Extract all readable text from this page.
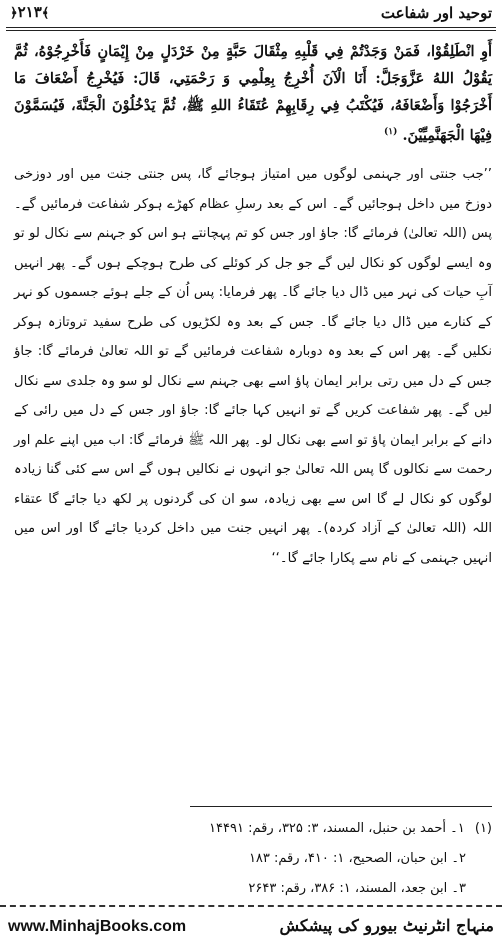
﴿۲۱۳﴾	توحيد اور شفاعت
أَوِ انْطَلِقُوْا، فَمَنْ وَجَدْتُمْ فِي قَلْبِهِ مِثْقَالَ حَبَّةٍ مِنْ خَرْدَلٍ مِنْ إِيْمَانٍ فَأَخْرِجُوْهُ، ثُمَّ يَقُوْلُ اللهُ عَزَّوَجَلَّ: أَنَا الْآنَ أُخْرِجُ بِعِلْمِي وَ رَحْمَتِي، قَالَ: فَيُخْرِجُ أَضْعَافَ مَا أَخْرَجُوْا وَأَضْعَافَهُ، فَيُكْتَبُ فِي رِقَابِهِمْ عُتَقَاءُ اللهِ ﷺ، ثُمَّ يَدْخُلُوْنَ الْجَنَّةَ، فَيُسَمَّوْنَ فِيْهَا الْجَهَنَّمِيِّيْنَ. $^{(۱)}$
’’جب جنتی اور جہنمی لوگوں میں امتیاز ہوجائے گا، پس جنتی جنت میں اور دوزخی دوزخ میں داخل ہوجائیں گے۔ اس کے بعد رسلِ عظام کھڑے ہوکر شفاعت فرمائیں گے۔ پس (اللہ تعالیٰ) فرمائے گا: جاؤ اور جس کو تم پہچانتے ہو اس کو جہنم سے نکال لو تو وہ ایسے لوگوں کو نکال لیں گے جو جل کر کوئلے کی طرح ہوچکے ہوں گے۔ پھر انہیں آبِ حیات کی نہر میں ڈال دیا جائے گا۔ پھر فرمایا: پس اُن کے جلے ہوئے جسموں کو نہر کے کنارے میں ڈال دیا جائے گا۔ جس کے بعد وہ لکڑیوں کی طرح سفید تروتازہ ہوکر نکلیں گے۔ پھر اس کے بعد وہ دوبارہ شفاعت فرمائیں گے تو اللہ تعالیٰ فرمائے گا: جاؤ جس کے دل میں رتی برابر ایمان پاؤ اسے بھی جہنم سے نکال لو سو وہ جلدی سے نکال لیں گے۔ پھر شفاعت کریں گے تو انہیں کہا جائے گا: جاؤ اور جس کے دل میں رائی کے دانے کے برابر ایمان پاؤ تو اسے بھی نکال لو۔ پھر اللہ ﷺ فرمائے گا: اب میں اپنے علم اور رحمت سے نکالوں گا پس اللہ تعالیٰ جو انہوں نے نکالیں ہوں گے اس سے کئی گنا زیادہ لوگوں کو نکال لے گا اس سے بھی زیادہ، سو ان کی گردنوں پر لکھ دیا جائے گا عتقاء اللہ (اللہ تعالیٰ کے آزاد کردہ)۔ پھر انہیں جنت میں داخل کردیا جائے گا اور اس میں انہیں جہنمی کے نام سے پکارا جائے گا۔‘‘
(۱) ۱۔ أحمد بن حنبل، المسند، ۳: ۳۲۵، رقم: ۱۴۴۹۱
۲۔ ابن حبان، الصحیح، ۱: ۴۱۰، رقم: ۱۸۳
۳۔ ابن جعد، المسند، ۱: ۳۸۶، رقم: ۲۶۴۳
www.MinhajBooks.com	منہاج انٹرنیٹ بیورو کی پیشکش
